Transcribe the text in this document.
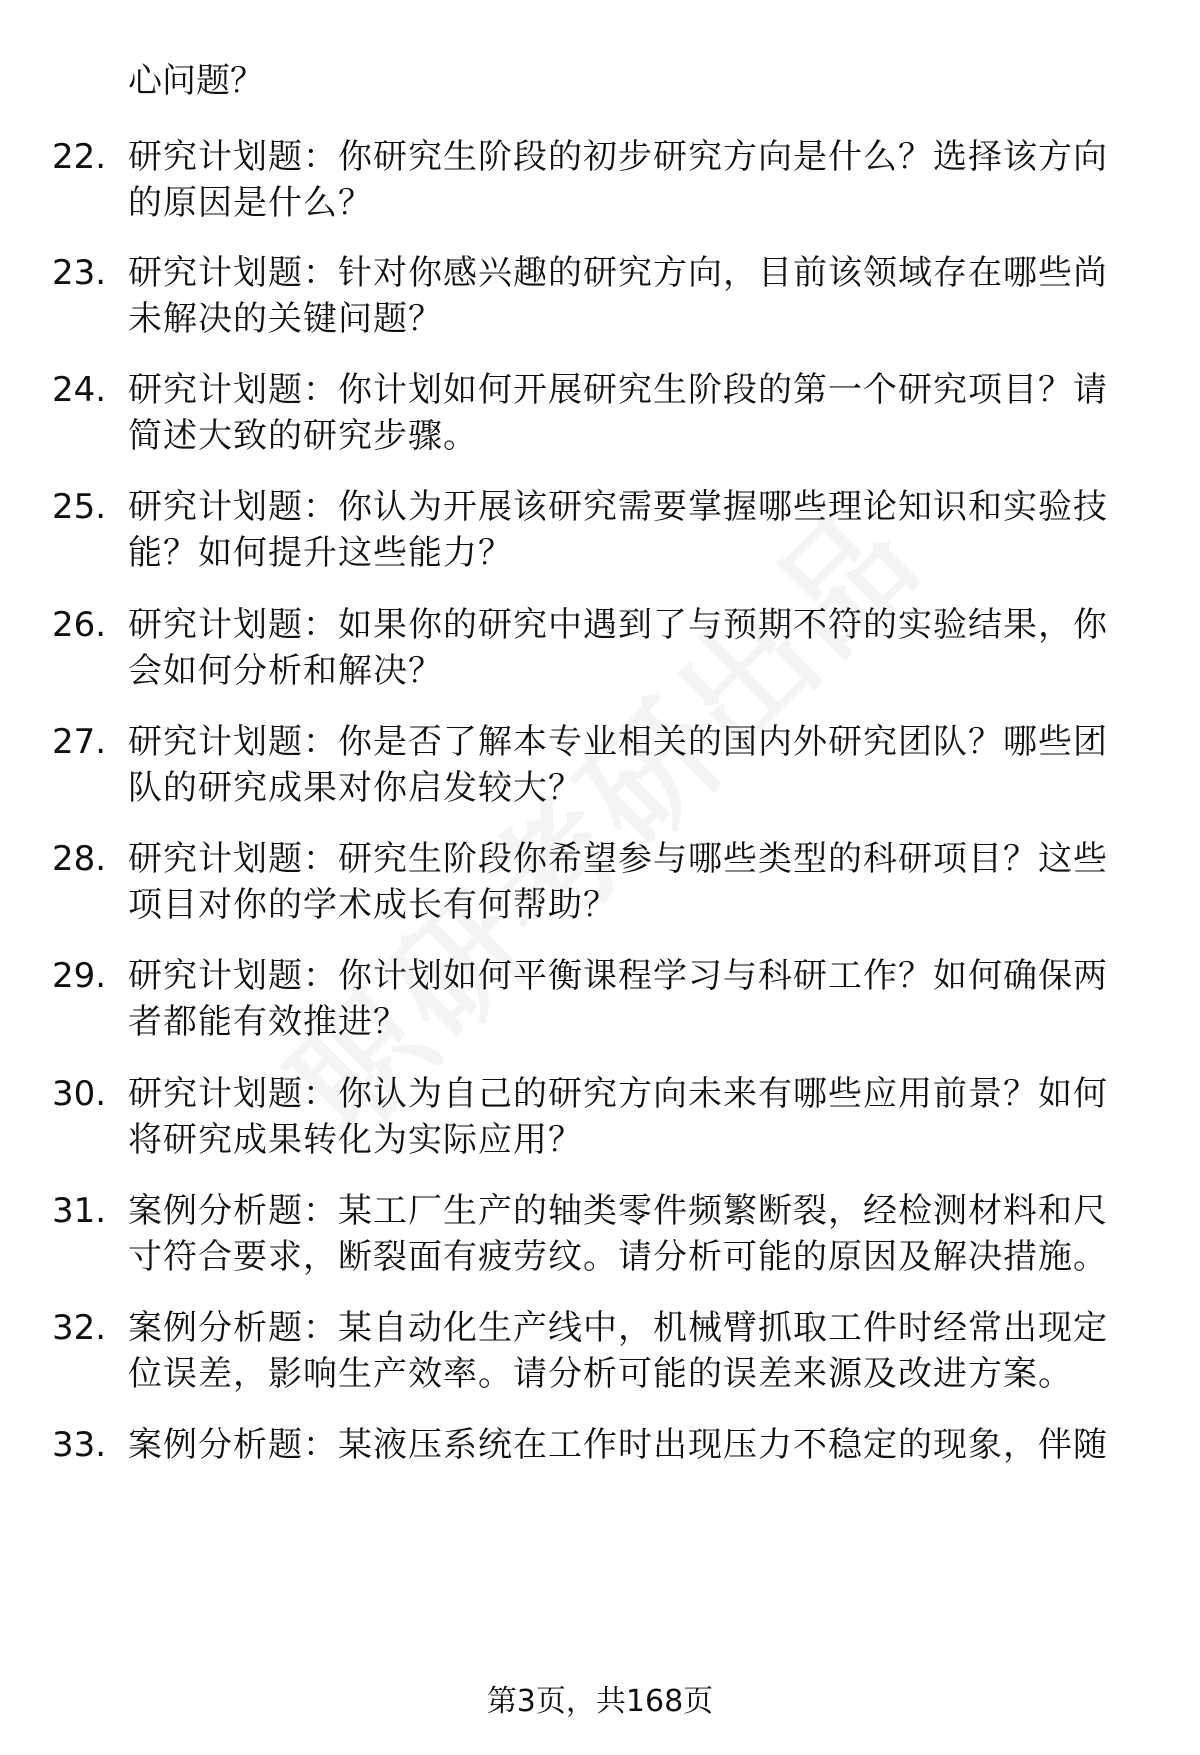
心问题？
22. 研究计划题：你研究生阶段的初步研究方向是什么？选择该方向的原因是什么？
23. 研究计划题：针对你感兴趣的研究方向，目前该领域存在哪些尚未解决的关键问题？
24. 研究计划题：你计划如何开展研究生阶段的第一个研究项目？请简述大致的研究步骤。
25. 研究计划题：你认为开展该研究需要掌握哪些理论知识和实验技能？如何提升这些能力？
26. 研究计划题：如果你的研究中遇到了与预期不符的实验结果，你会如何分析和解决？
27. 研究计划题：你是否了解本专业相关的国内外研究团队？哪些团队的研究成果对你启发较大？
28. 研究计划题：研究生阶段你希望参与哪些类型的科研项目？这些项目对你的学术成长有何帮助？
29. 研究计划题：你计划如何平衡课程学习与科研工作？如何确保两者都能有效推进？
30. 研究计划题：你认为自己的研究方向未来有哪些应用前景？如何将研究成果转化为实际应用？
31. 案例分析题：某工厂生产的轴类零件频繁断裂，经检测材料和尺寸符合要求，断裂面有疲劳纹。请分析可能的原因及解决措施。
32. 案例分析题：某自动化生产线中，机械臂抓取工件时经常出现定位误差，影响生产效率。请分析可能的误差来源及改进方案。
33. 案例分析题：某液压系统在工作时出现压力不稳定的现象，伴随
第3页，共168页
